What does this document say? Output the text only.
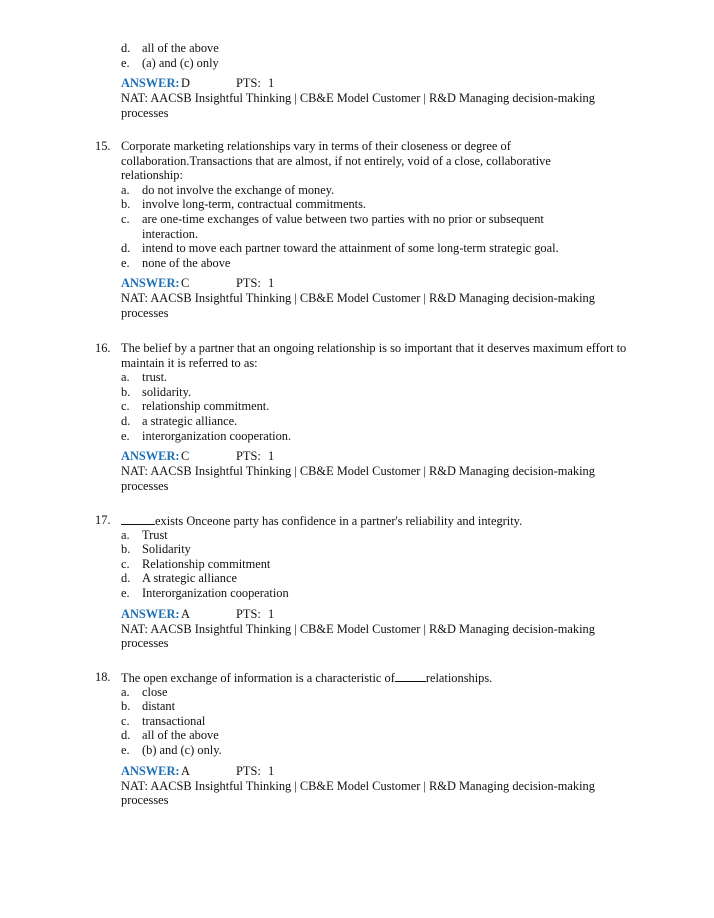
d. all of the above
e. (a) and (c) only
ANSWER: D	PTS: 1
NAT: AACSB Insightful Thinking | CB&E Model Customer | R&D Managing decision-making
processes
15. Corporate marketing relationships vary in terms of their closeness or degree of
collaboration.Transactions that are almost, if not entirely, void of a close, collaborative
relationship:
a. do not involve the exchange of money.
b. involve long-term, contractual commitments.
c. are one-time exchanges of value between two parties with no prior or subsequent
interaction.
d. intend to move each partner toward the attainment of some long-term strategic goal.
e. none of the above
ANSWER: C	PTS: 1
NAT: AACSB Insightful Thinking | CB&E Model Customer | R&D Managing decision-making
processes
16. The belief by a partner that an ongoing relationship is so important that it deserves maximum effort to
maintain it is referred to as:
a. trust.
b. solidarity.
c. relationship commitment.
d. a strategic alliance.
e. interorganization cooperation.
ANSWER: C	PTS: 1
NAT: AACSB Insightful Thinking | CB&E Model Customer | R&D Managing decision-making
processes
17.	exists Onceone party has confidence in a partner's reliability and integrity.
a. Trust
b. Solidarity
c. Relationship commitment
d. A strategic alliance
e. Interorganization cooperation
ANSWER: A	PTS: 1
NAT: AACSB Insightful Thinking | CB&E Model Customer | R&D Managing decision-making
processes
18. The open exchange of information is a characteristic of	relationships.
a. close
b. distant
c. transactional
d. all of the above
e. (b) and (c) only.
ANSWER: A	PTS: 1
NAT: AACSB Insightful Thinking | CB&E Model Customer | R&D Managing decision-making
processes
